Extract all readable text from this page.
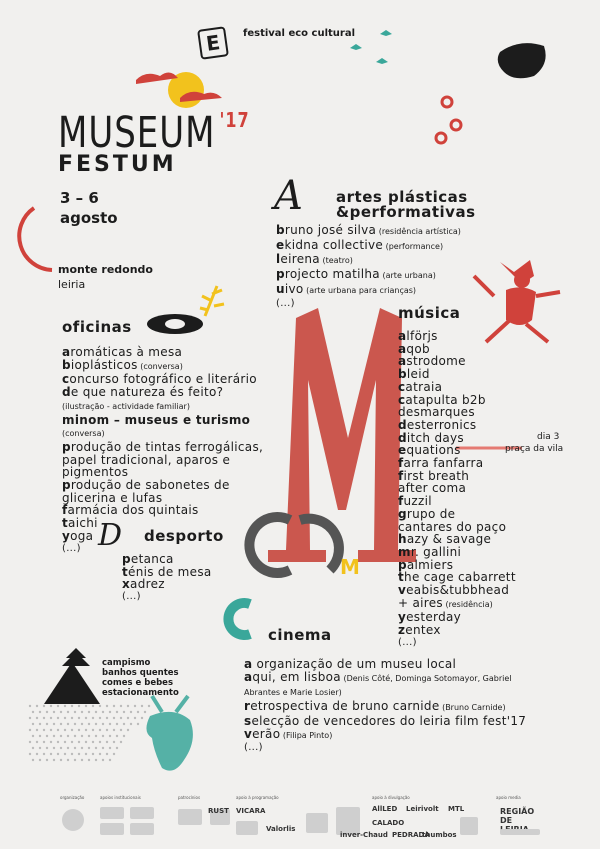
E	festival eco cultural
MUSEUM $^{'17}$
FESTUM
3 – 6
agosto
monte redondo
leiria
A artes plásticas
&performativas
bruno josé silva (residência artística)
ekidna collective (performance)
leirena (teatro)
projecto matilha (arte urbana)
uivo (arte urbana para crianças)
(...)
oficinas
aromáticas à mesa
bioplásticos (conversa)
concurso fotográfico e literário
de que natureza és feito?
(ilustração - actividade familiar)
minom – museus e turismo
(conversa)
produção de tintas ferrogálicas,
papel tradicional, aparos e
pigmentos
produção de sabonetes de
glicerina e lufas
farmácia dos quintais
taichi
yoga
(...) D desporto
petanca
ténis de mesa
xadrez
(...)
música
alförjs
aqob
astrodome
bleid
catraia
catapulta b2b
desmarques
desterronics
ditch days
equations
farra fanfarra
first breath
after coma
fuzzil
grupo de
cantares do paço
hazy & savage
mr. gallini
palmiers
the cage cabarrett
veabis&tubbhead
+ aires (residência)
yesterday
zentex
(...)
dia 3
praça da vila
M
cinema
a organização de um museu local
aqui, em lisboa (Denis Côté, Dominga Sotomayor, Gabriel
Abrantes e Marie Losier)
retrospectiva de bruno carnide (Bruno Carnide)
selecção de vencedores do leiria film fest'17
verão (Filipa Pinto)
(...)
campismo
banhos quentes
comes e bebes
estacionamento
organização	apoios institucionais	patrocínios	apoio à programação	apoio à divulgação	apoio media
RUST VICARA
Valorlis
AllLED Leirivolt MTL
CALADO
inver-Chaud PEDRADA
thumbos
REGIÃO DE
